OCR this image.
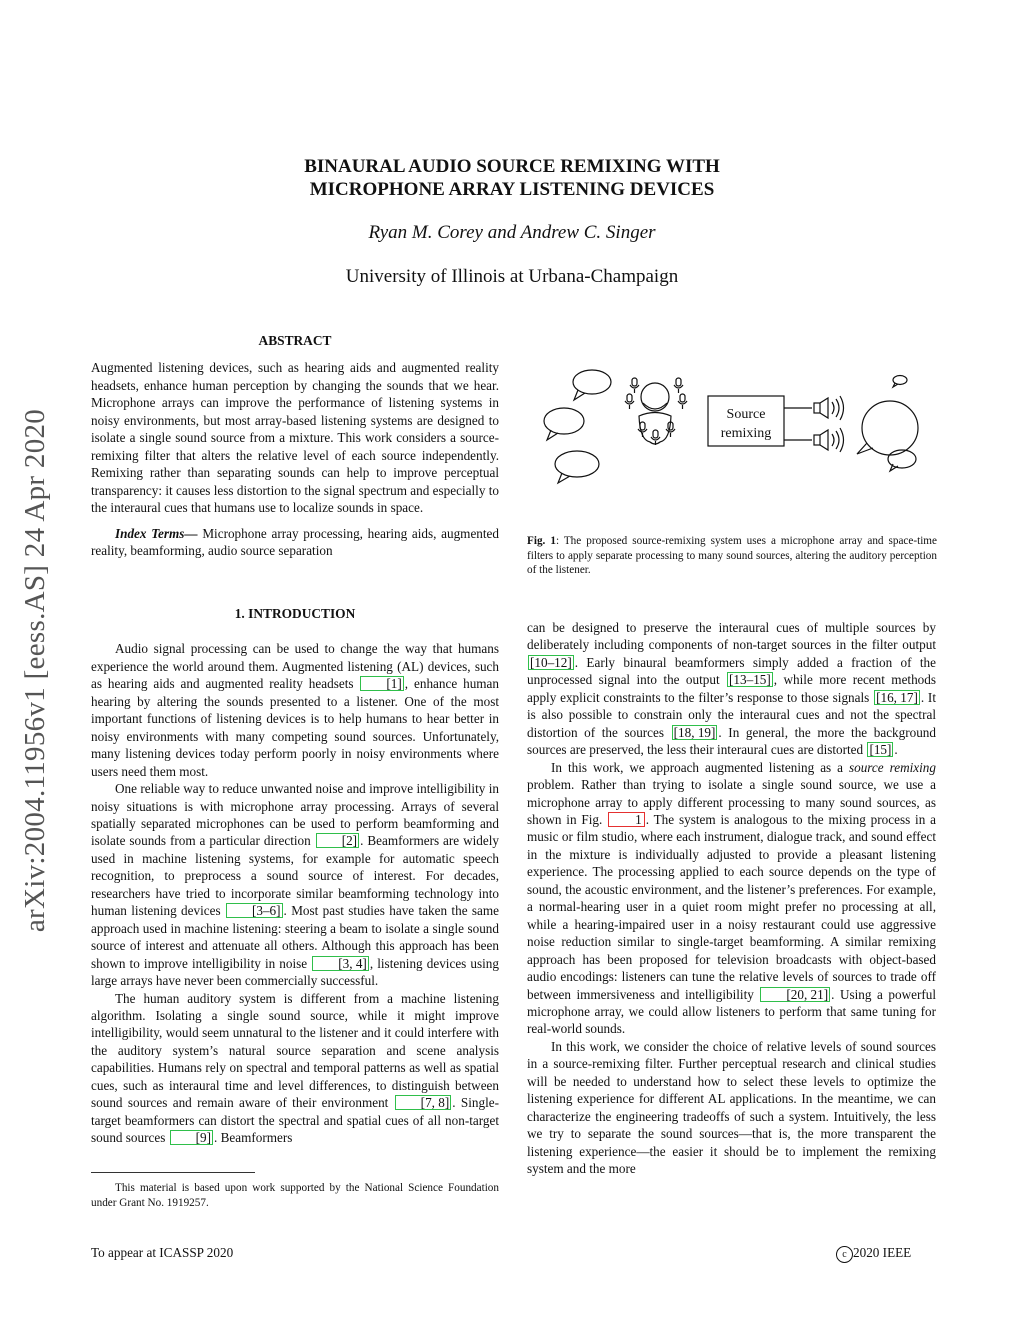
arXiv:2004.11956v1 [eess.AS] 24 Apr 2020
BINAURAL AUDIO SOURCE REMIXING WITH
MICROPHONE ARRAY LISTENING DEVICES
Ryan M. Corey and Andrew C. Singer
University of Illinois at Urbana-Champaign
ABSTRACT

Augmented listening devices, such as hearing aids and augmented reality headsets, enhance human perception by changing the sounds that we hear. Microphone arrays can improve the performance of listening systems in noisy environments, but most array-based listening systems are designed to isolate a single sound source from a mixture. This work considers a source-remixing filter that alters the relative level of each source independently. Remixing rather than separating sounds can help to improve perceptual transparency: it causes less distortion to the signal spectrum and especially to the interaural cues that humans use to localize sounds in space.

Index Terms— Microphone array processing, hearing aids, augmented reality, beamforming, audio source separation

1. INTRODUCTION

Audio signal processing can be used to change the way that humans experience the world around them. Augmented listening (AL) devices, such as hearing aids and augmented reality headsets [1] , enhance human hearing by altering the sounds presented to a listener. One of the most important functions of listening devices is to help humans to hear better in noisy environments with many competing sound sources. Unfortunately, many listening devices today perform poorly in noisy environments where users need them most.

One reliable way to reduce unwanted noise and improve intelligibility in noisy situations is with microphone array processing. Arrays of several spatially separated microphones can be used to perform beamforming and isolate sounds from a particular direction [2] . Beamformers are widely used in machine listening systems, for example for automatic speech recognition, to preprocess a sound source of interest. For decades, researchers have tried to incorporate similar beamforming technology into human listening devices [3–6] . Most past studies have taken the same approach used in machine listening: steering a beam to isolate a single sound source of interest and attenuate all others. Although this approach has been shown to improve intelligibility in noise [3, 4] , listening devices using large arrays have never been commercially successful.

The human auditory system is different from a machine listening algorithm. Isolating a single sound source, while it might improve intelligibility, would seem unnatural to the listener and it could interfere with the auditory system’s natural source separation and scene analysis capabilities. Humans rely on spectral and temporal patterns as well as spatial cues, such as interaural time and level differences, to distinguish between sound sources and remain aware of their environment [7, 8] . Single-target beamformers can distort the spectral and spatial cues of all non-target sound sources [9] . Beamformers

This material is based upon work supported by the National Science Foundation under Grant No. 1919257.

Source
remixing

Fig. 1: The proposed source-remixing system uses a microphone array and space-time filters to apply separate processing to many sound sources, altering the auditory perception of the listener.

can be designed to preserve the interaural cues of multiple sources by deliberately including components of non-target sources in the filter output [10–12] . Early binaural beamformers simply added a fraction of the unprocessed signal into the output [13–15] , while more recent methods apply explicit constraints to the filter’s response to those signals [16, 17] . It is also possible to constrain only the interaural cues and not the spectral distortion of the sources [18, 19] . In general, the more the background sources are preserved, the less their interaural cues are distorted [15] .

In this work, we approach augmented listening as a source remixing problem. Rather than trying to isolate a single sound source, we use a microphone array to apply different processing to many sound sources, as shown in Fig. 1 . The system is analogous to the mixing process in a music or film studio, where each instrument, dialogue track, and sound effect in the mixture is individually adjusted to provide a pleasant listening experience. The processing applied to each source depends on the type of sound, the acoustic environment, and the listener’s preferences. For example, a normal-hearing user in a quiet room might prefer no processing at all, while a hearing-impaired user in a noisy restaurant could use aggressive noise reduction similar to single-target beamforming. A similar remixing approach has been proposed for television broadcasts with object-based audio encodings: listeners can tune the relative levels of sources to trade off between immersiveness and intelligibility [20, 21] . Using a powerful microphone array, we could allow listeners to perform that same tuning for real-world sounds.

In this work, we consider the choice of relative levels of sound sources in a source-remixing filter. Further perceptual research and clinical studies will be needed to understand how to select these levels to optimize the listening experience for different AL applications. In the meantime, we can characterize the engineering tradeoffs of such a system. Intuitively, the less we try to separate the sound sources—that is, the more transparent the listening experience—the easier it should be to implement the remixing system and the more

To appear at ICASSP 2020	c 2020 IEEE
